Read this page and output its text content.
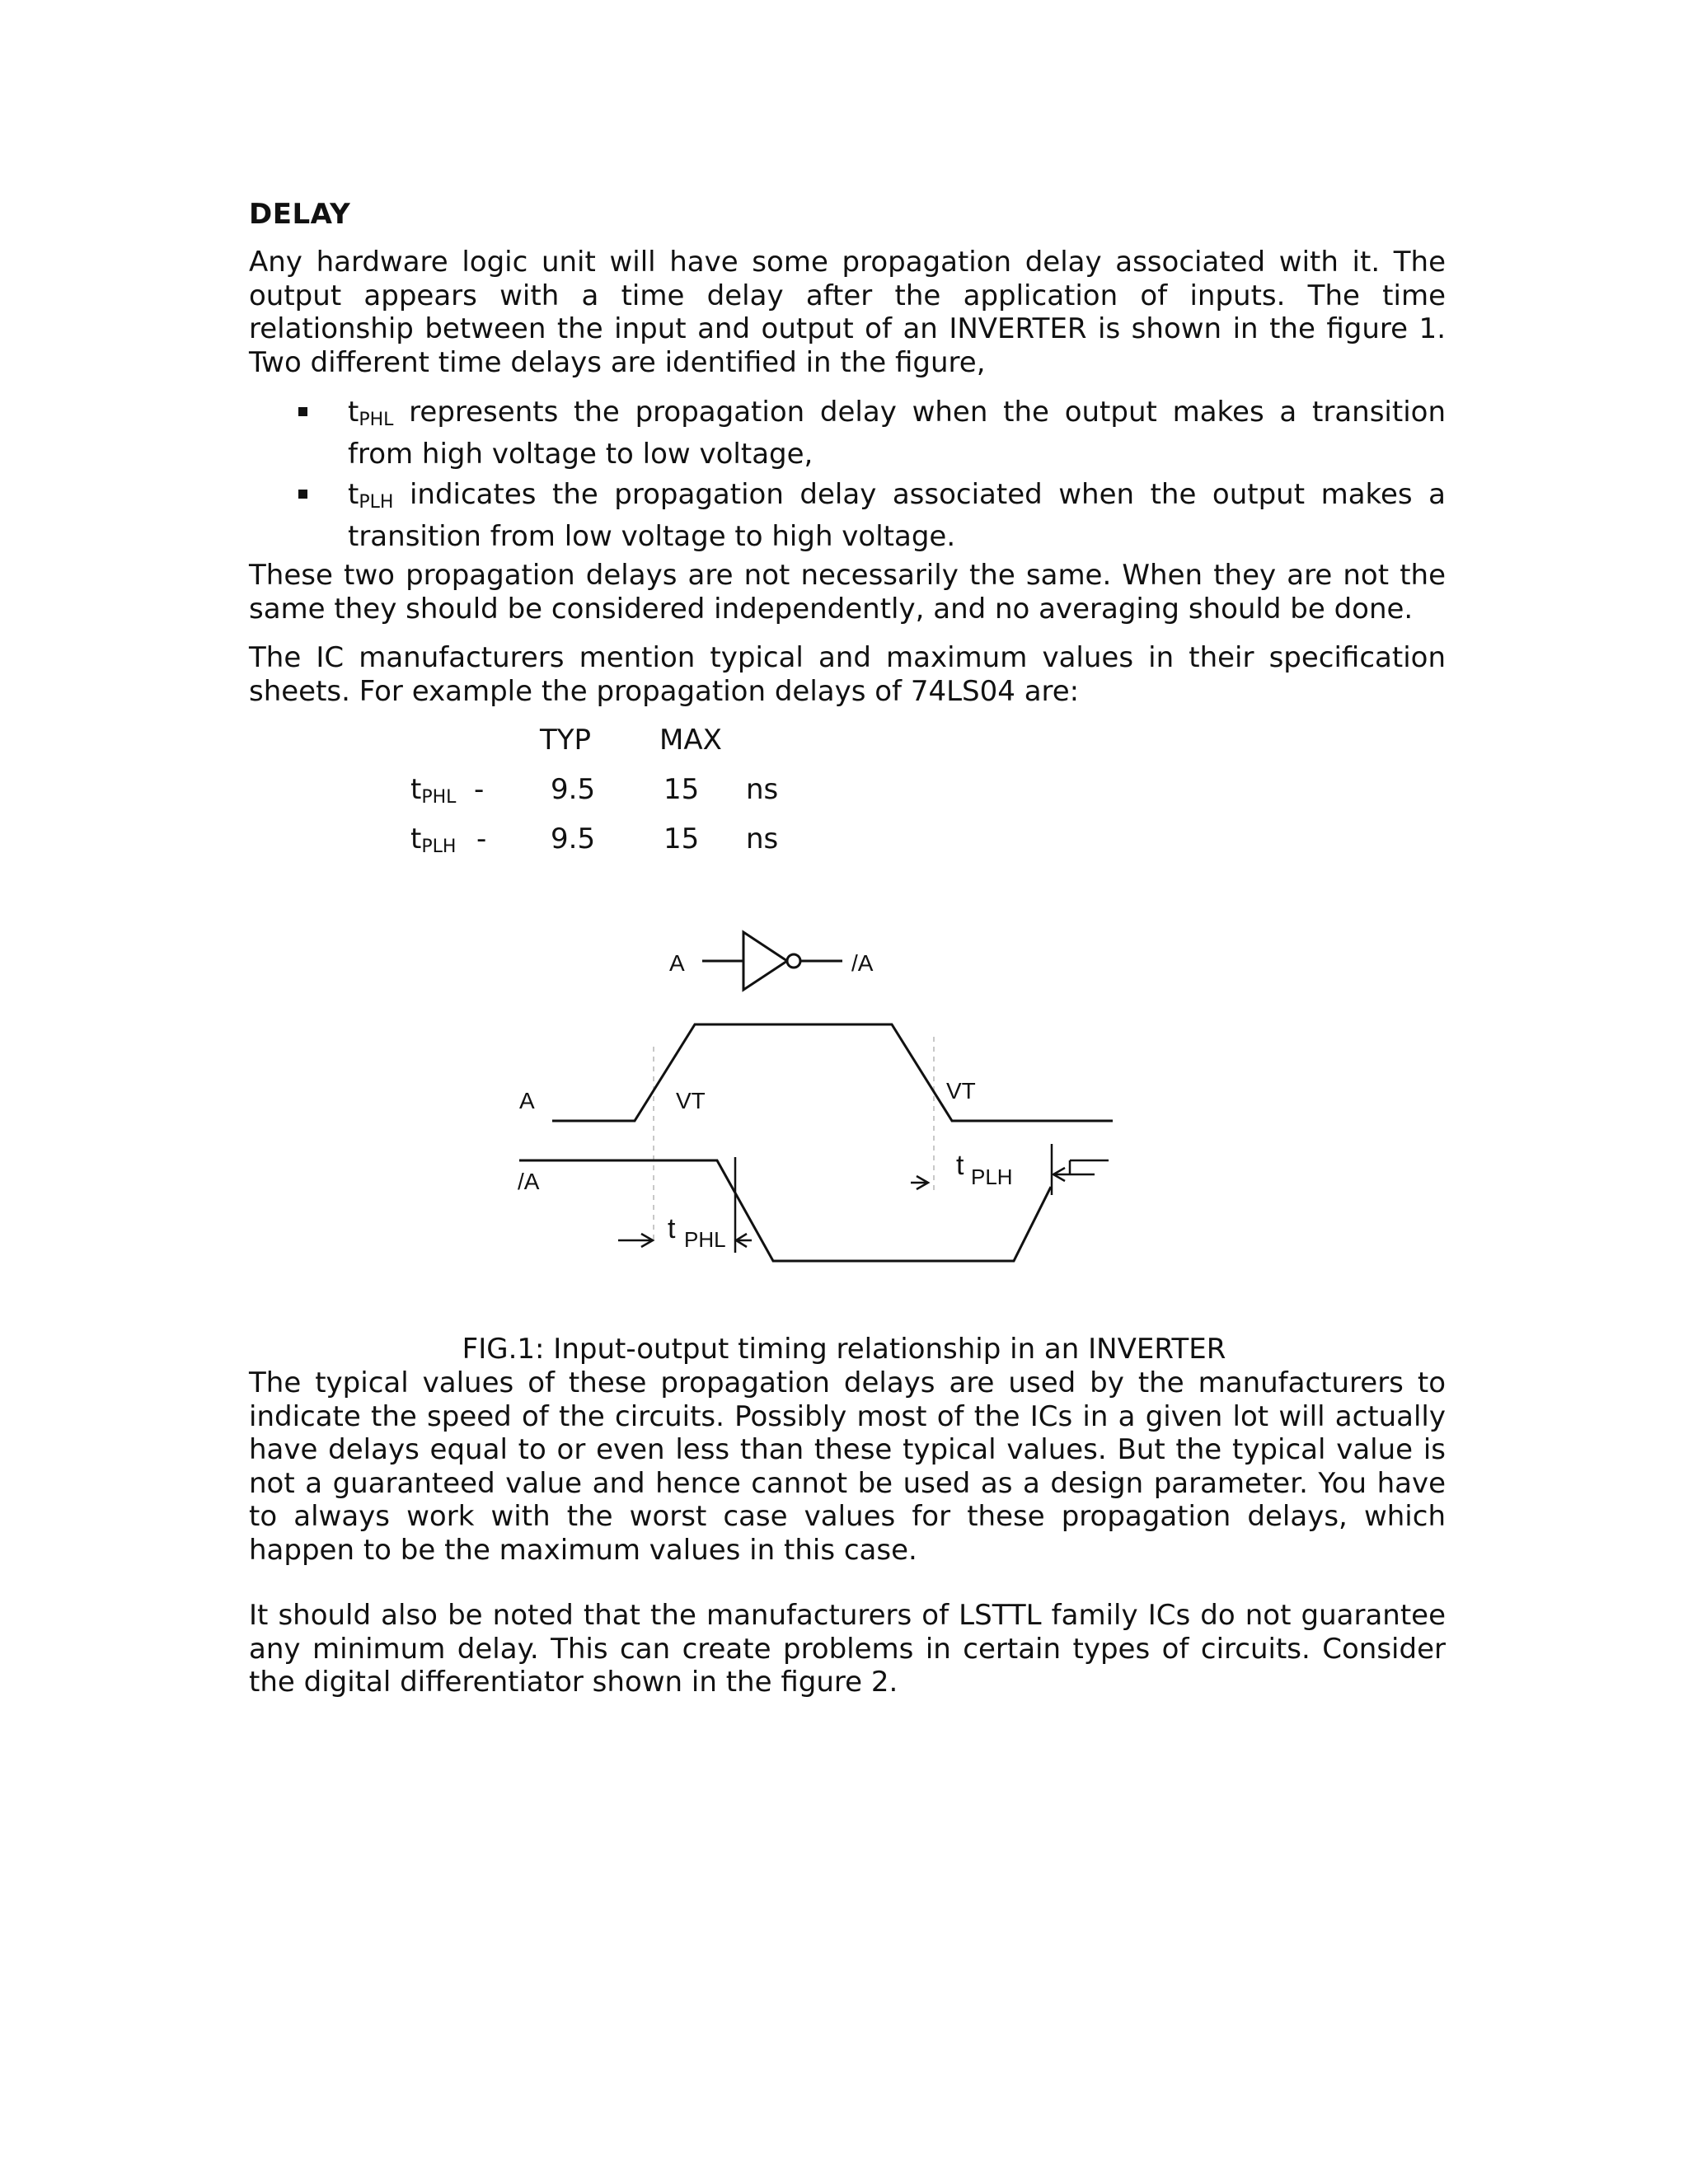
DELAY
Any hardware logic unit will have some propagation delay associated with it. The output appears with a time delay after the application of inputs. The time relationship between the input and output of an INVERTER is shown in the figure 1. Two different time delays are identified in the figure,
$t_{PHL}$ represents the propagation delay when the output makes a transition from high voltage to low voltage,
$t_{PLH}$ indicates the propagation delay associated when the output makes a transition from low voltage to high voltage.
These two propagation delays are not necessarily the same. When they are not the same they should be considered independently, and no averaging should be done.
The IC manufacturers mention typical and maximum values in their specification sheets. For example the propagation delays of 74LS04 are:
TYP MAX
$t_{PHL} - 9.5$ 15 ns
$t_{PLH} - 9.5$ 15 ns
A	/A
A	VT	VT
/A
t PHL
t PLH
FIG.1: Input-output timing relationship in an INVERTER
The typical values of these propagation delays are used by the manufacturers to indicate the speed of the circuits. Possibly most of the ICs in a given lot will actually have delays equal to or even less than these typical values. But the typical value is not a guaranteed value and hence cannot be used as a design parameter. You have to always work with the worst case values for these propagation delays, which happen to be the maximum values in this case.
It should also be noted that the manufacturers of LSTTL family ICs do not guarantee any minimum delay. This can create problems in certain types of circuits. Consider the digital differentiator shown in the figure 2.
